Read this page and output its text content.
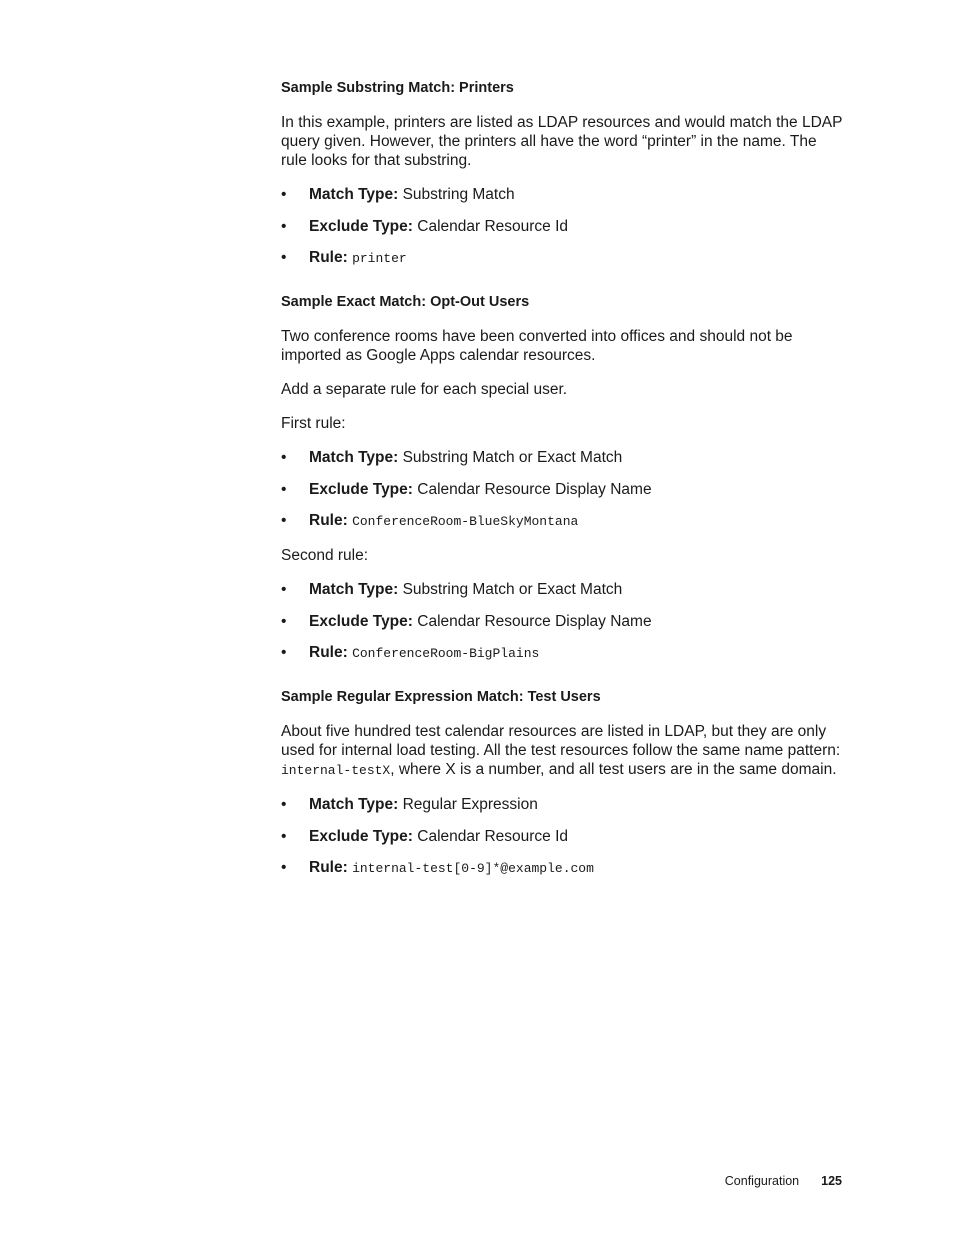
Sample Substring Match: Printers

In this example, printers are listed as LDAP resources and would match the LDAP query given. However, the printers all have the word “printer” in the name. The rule looks for that substring.

• Match Type: Substring Match
• Exclude Type: Calendar Resource Id
• Rule: printer
Sample Exact Match: Opt-Out Users

Two conference rooms have been converted into offices and should not be imported as Google Apps calendar resources.

Add a separate rule for each special user.

First rule:

• Match Type: Substring Match or Exact Match
• Exclude Type: Calendar Resource Display Name
• Rule: ConferenceRoom-BlueSkyMontana

Second rule:

• Match Type: Substring Match or Exact Match
• Exclude Type: Calendar Resource Display Name
• Rule: ConferenceRoom-BigPlains
Sample Regular Expression Match: Test Users

About five hundred test calendar resources are listed in LDAP, but they are only used for internal load testing. All the test resources follow the same name pattern: internal-testX, where X is a number, and all test users are in the same domain.

• Match Type: Regular Expression
• Exclude Type: Calendar Resource Id
• Rule: internal-test[0-9]*@example.com
Configuration 125
